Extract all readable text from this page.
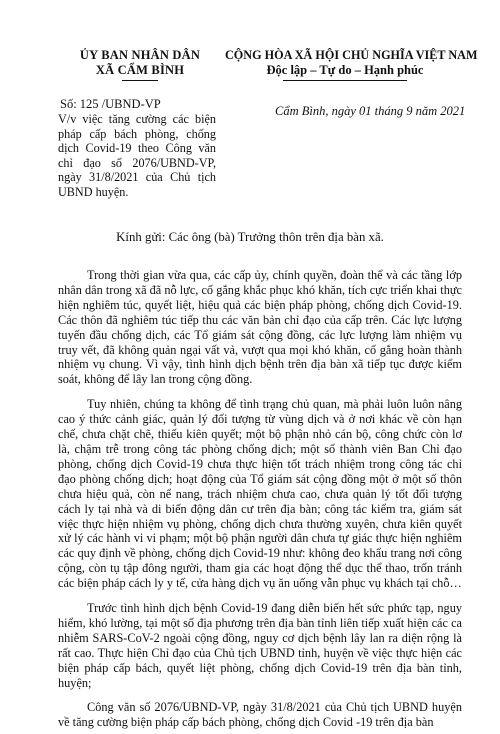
ỦY BAN NHÂN DÂN
XÃ CẨM BÌNH
Số: 125 /UBND-VP
V/v việc tăng cường các biện pháp cấp bách phòng, chống dịch Covid-19 theo Công văn chỉ đạo số 2076/UBND-VP, ngày 31/8/2021 của Chủ tịch UBND huyện.
CỘNG HÒA XÃ HỘI CHỦ NGHĨA VIỆT NAM
Độc lập – Tự do – Hạnh phúc
Cẩm Bình, ngày 01 tháng 9 năm 2021
Kính gửi: Các ông (bà) Trưởng thôn trên địa bàn xã.

Trong thời gian vừa qua, các cấp ủy, chính quyền, đoàn thể và các tầng lớp nhân dân trong xã đã nỗ lực, cố gắng khắc phục khó khăn, tích cực triển khai thực hiện nghiêm túc, quyết liệt, hiệu quả các biện pháp phòng, chống dịch Covid-19. Các thôn đã nghiêm túc tiếp thu các văn bản chỉ đạo của cấp trên. Các lực lượng tuyến đầu chống dịch, các Tổ giám sát cộng đồng, các lực lượng làm nhiệm vụ truy vết, đã không quản ngại vất vả, vượt qua mọi khó khăn, cố gắng hoàn thành nhiệm vụ chung. Vì vậy, tình hình dịch bệnh trên địa bàn xã tiếp tục được kiểm soát, không để lây lan trong cộng đồng.

Tuy nhiên, chúng ta không để tình trạng chủ quan, mà phải luôn luôn nâng cao ý thức cảnh giác, quản lý đối tượng từ vùng dịch và ở nơi khác về còn hạn chế, chưa chặt chẽ, thiếu kiên quyết; một bộ phận nhỏ cán bộ, công chức còn lơ là, chậm trễ trong công tác phòng chống dịch; một số thành viên Ban Chỉ đạo phòng, chống dịch Covid-19 chưa thực hiện tốt trách nhiệm trong công tác chỉ đạo phòng chống dịch; hoạt động của Tổ giám sát cộng đồng một ở một số thôn chưa hiệu quả, còn nể nang, trách nhiệm chưa cao, chưa quản lý tốt đối tượng cách ly tại nhà và di biến động dân cư trên địa bàn; công tác kiểm tra, giám sát việc thực hiện nhiệm vụ phòng, chống dịch chưa thường xuyên, chưa kiên quyết xử lý các hành vi vi phạm; một bộ phận người dân chưa tự giác thực hiện nghiêm các quy định về phòng, chống dịch Covid-19 như: không đeo khẩu trang nơi công cộng, còn tụ tập đông người, tham gia các hoạt động thể dục thể thao, trốn tránh các biện pháp cách ly y tế, cửa hàng dịch vụ ăn uống vẫn phục vụ khách tại chỗ…

Trước tình hình dịch bệnh Covid-19 đang diễn biến hết sức phức tạp, nguy hiểm, khó lường, tại một số địa phương trên địa bàn tỉnh liên tiếp xuất hiện các ca nhiễm SARS-CoV-2 ngoài cộng đồng, nguy cơ dịch bệnh lây lan ra diện rộng là rất cao. Thực hiện Chỉ đạo của Chủ tịch UBND tỉnh, huyện về việc thực hiện các biện pháp cấp bách, quyết liệt phòng, chống dịch Covid-19 trên địa bàn tỉnh, huyện;

Công văn số 2076/UBND-VP, ngày 31/8/2021 của Chủ tịch UBND huyện về tăng cường biện pháp cấp bách phòng, chống dịch Covid -19 trên địa bàn
